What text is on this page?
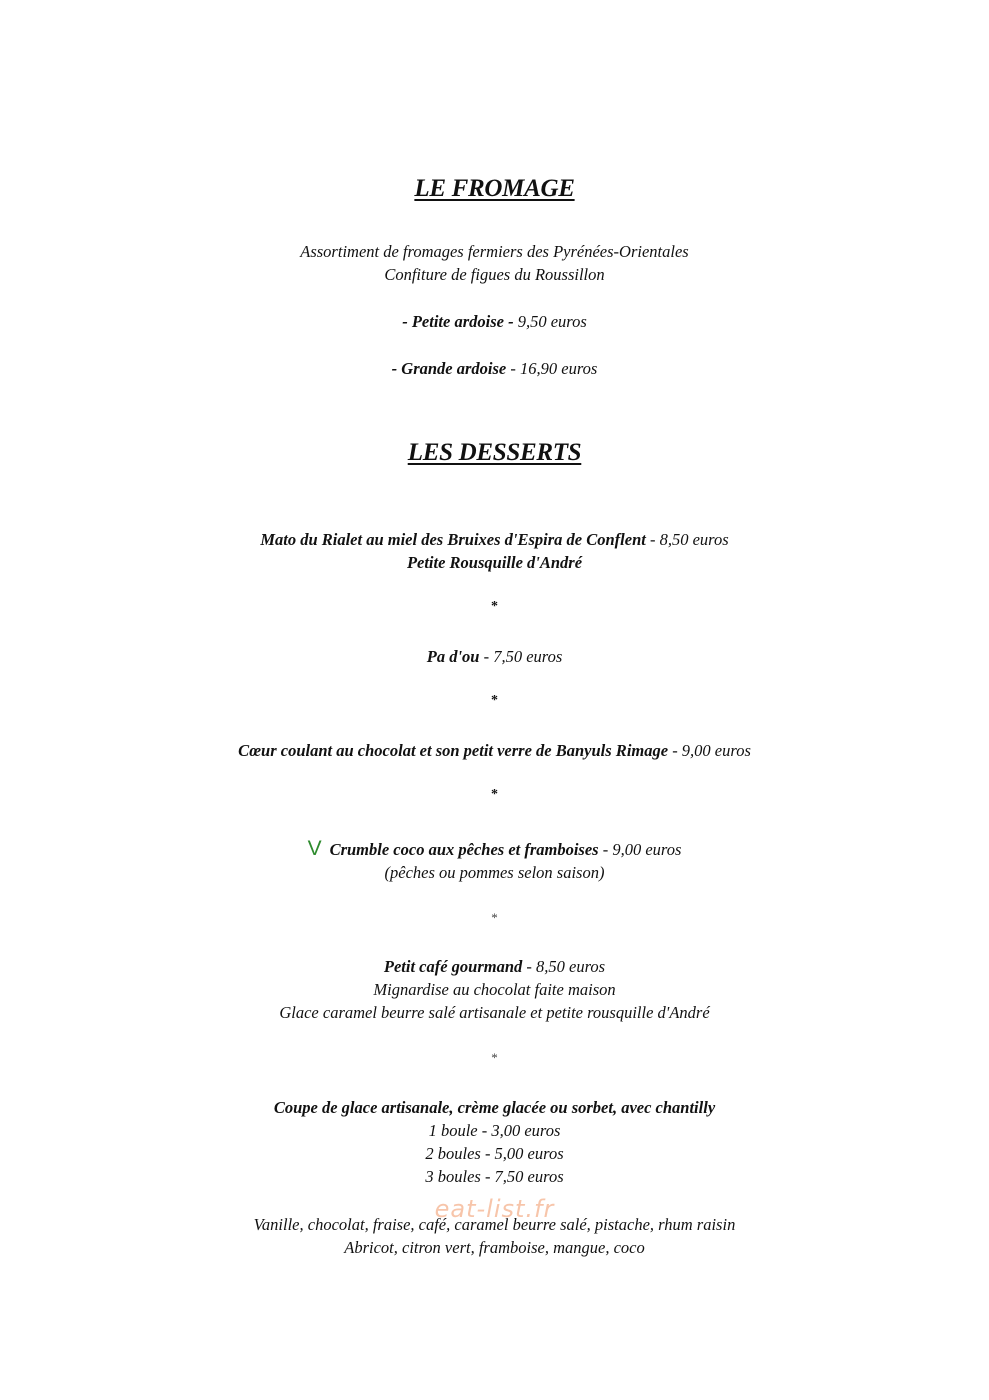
LE FROMAGE
Assortiment de fromages fermiers des Pyrénées-Orientales
Confiture de figues du Roussillon
- Petite ardoise - 9,50 euros
- Grande ardoise - 16,90 euros
LES DESSERTS
Mato du Rialet au miel des Bruixes d'Espira de Conflent - 8,50 euros
Petite Rousquille d'André
*
Pa d'ou - 7,50 euros
*
Cœur coulant au chocolat et son petit verre de Banyuls Rimage - 9,00 euros
*
V Crumble coco aux pêches et framboises - 9,00 euros
(pêches ou pommes selon saison)
*
Petit café gourmand - 8,50 euros
Mignardise au chocolat faite maison
Glace caramel beurre salé artisanale et petite rousquille d'André
*
Coupe de glace artisanale, crème glacée ou sorbet, avec chantilly
1 boule - 3,00 euros
2 boules - 5,00 euros
3 boules - 7,50 euros
Vanille, chocolat, fraise, café, caramel beurre salé, pistache, rhum raisin
Abricot, citron vert, framboise, mangue, coco
eat-list.fr
